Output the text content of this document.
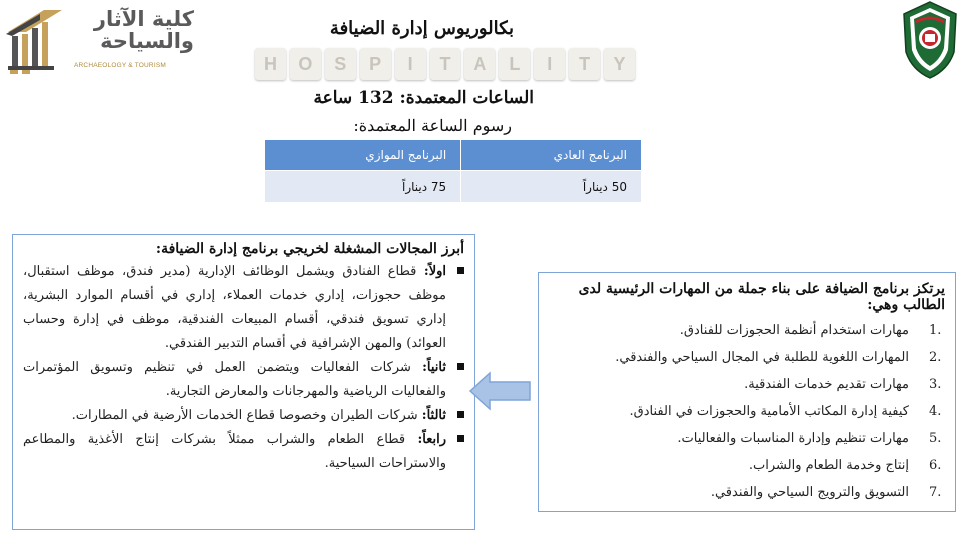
كلية الآثار
والسياحة
ARCHAEOLOGY & TOURISM
بكالوريوس إدارة الضيافة
H	O	S	P	I	T	A	L	I	T	Y
الساعات المعتمدة: 132 ساعة
رسوم الساعة المعتمدة:
البرنامج العادي	البرنامج الموازي
50 ديناراً	75 ديناراً
أبرز المجالات المشغلة لخريجي برنامج إدارة الضيافة:
اولاً: قطاع الفنادق ويشمل الوظائف الإدارية (مدير فندق، موظف استقبال، موظف حجوزات، إداري خدمات العملاء، إداري في أقسام الموارد البشرية، إداري تسويق فندقي، أقسام المبيعات الفندقية، موظف في إدارة وحساب العوائد) والمهن الإشرافية في أقسام التدبير الفندقي.
ثانياً: شركات الفعاليات ويتضمن العمل في تنظيم وتسويق المؤتمرات والفعاليات الرياضية والمهرجانات والمعارض التجارية.
ثالثاً: شركات الطيران وخصوصا قطاع الخدمات الأرضية في المطارات.
رابعاً: قطاع الطعام والشراب ممثلاً بشركات إنتاج الأغذية والمطاعم والاستراحات السياحية.
يرتكز برنامج الضيافة على بناء جملة من المهارات الرئيسية لدى الطالب وهي:
1.
مهارات استخدام أنظمة الحجوزات للفنادق.
2.
المهارات اللغوية للطلبة في المجال السياحي والفندقي.
3.
مهارات تقديم خدمات الفندقية.
4.
كيفية إدارة المكاتب الأمامية والحجوزات في الفنادق.
5.
مهارات تنظيم وإدارة المناسبات والفعاليات.
6.
إنتاج وخدمة الطعام والشراب.
7.
التسويق والترويج السياحي والفندقي.
